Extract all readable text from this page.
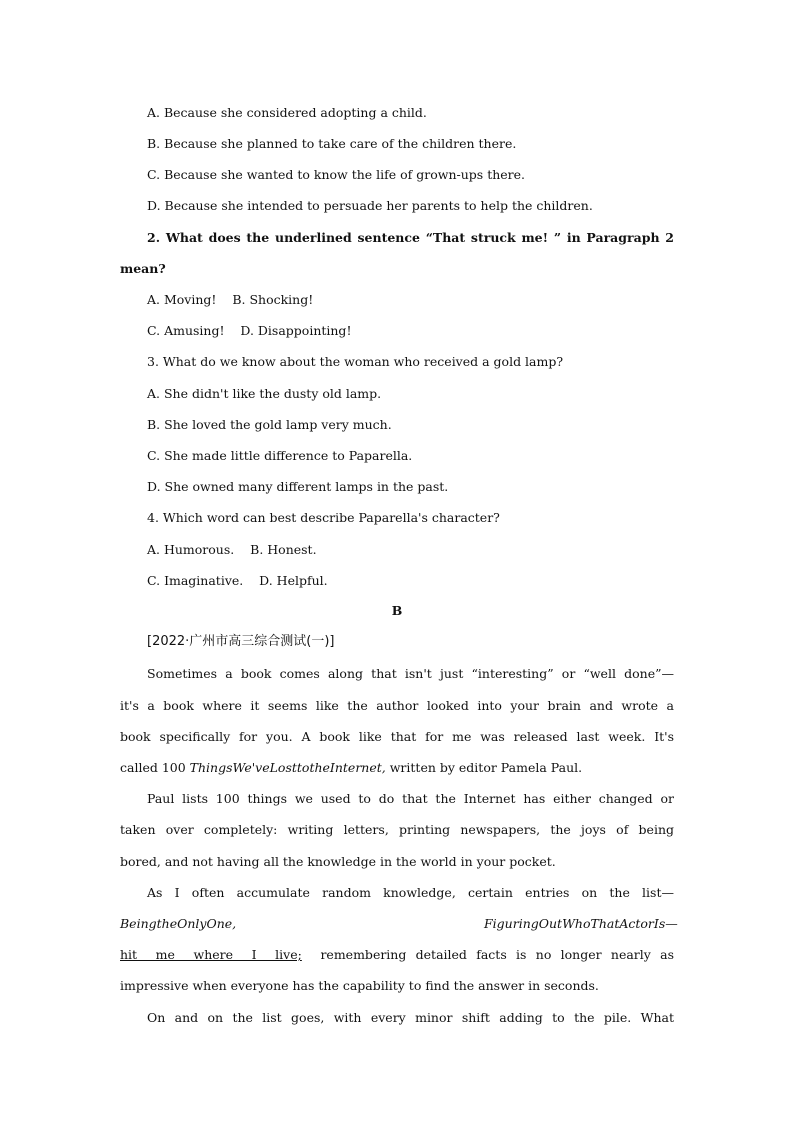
A. Because she considered adopting a child.
B. Because she planned to take care of the children there.
C. Because she wanted to know the life of grown-ups there.
D. Because she intended to persuade her parents to help the children.
2. What does the underlined sentence “That struck me! ” in Paragraph 2
mean?
A. Moving!    B. Shocking!
C. Amusing!    D. Disappointing!
3. What do we know about the woman who received a gold lamp?
A. She didn't like the dusty old lamp.
B. She loved the gold lamp very much.
C. She made little difference to Paparella.
D. She owned many different lamps in the past.
4. Which word can best describe Paparella's character?
A. Humorous.    B. Honest.
C. Imaginative.    D. Helpful.
B
[2022·广州市高三综合测试(一)]
Sometimes a book comes along that isn't just “interesting” or “well done”—
it's a book where it seems like the author looked into your brain and wrote a
book specifically for you. A book like that for me was released last week. It's
called 100 ThingsWe'veLosttotheInternet, written by editor Pamela Paul.
Paul lists 100 things we used to do that the Internet has either changed or
taken over completely: writing letters, printing newspapers, the joys of being
bored, and not having all the knowledge in the world in your pocket.
As I often accumulate random knowledge, certain entries on the list—
BeingtheOnlyOne,	FiguringOutWhoThatActorIs—
hit  me  where  I  live;  remembering detailed facts is no longer nearly as
impressive when everyone has the capability to find the answer in seconds.
On and on the list goes, with every minor shift adding to the pile. What
